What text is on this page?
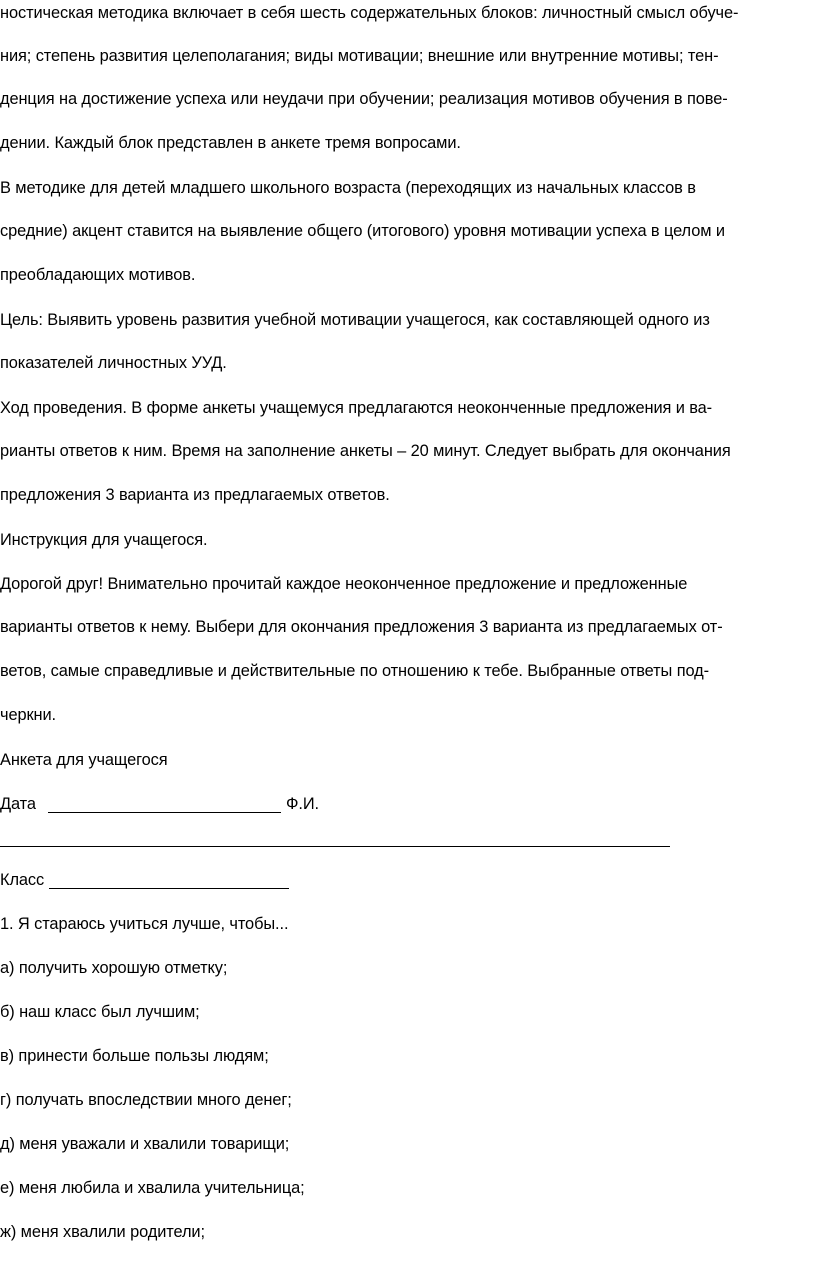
ностическая методика включает в себя шесть содержательных блоков: личностный смысл обуче-
ния; степень развития целеполагания; виды мотивации; внешние или внутренние мотивы; тен-
денция на достижение успеха или неудачи при обучении; реализация мотивов обучения в пове-
дении. Каждый блок представлен в анкете тремя вопросами.
В методике для детей младшего школьного возраста (переходящих из начальных классов в
средние) акцент ставится на выявление общего (итогового) уровня мотивации успеха в целом и
преобладающих мотивов.
Цель: Выявить уровень развития учебной мотивации учащегося, как составляющей одного из
показателей личностных УУД.
Ход проведения. В форме анкеты учащемуся предлагаются неоконченные предложения и ва-
рианты ответов к ним. Время на заполнение анкеты – 20 минут. Следует выбрать для окончания
предложения 3 варианта из предлагаемых ответов.
Инструкция для учащегося.
Дорогой друг! Внимательно прочитай каждое неоконченное предложение и предложенные
варианты ответов к нему. Выбери для окончания предложения 3 варианта из предлагаемых от-
ветов, самые справедливые и действительные по отношению к тебе. Выбранные ответы под-
черкни.
Анкета для учащегося
Дата	Ф.И.
Класс
1. Я стараюсь учиться лучше, чтобы...
а) получить хорошую отметку;
б) наш класс был лучшим;
в) принести больше пользы людям;
г) получать впоследствии много денег;
д) меня уважали и хвалили товарищи;
е) меня любила и хвалила учительница;
ж) меня хвалили родители;
